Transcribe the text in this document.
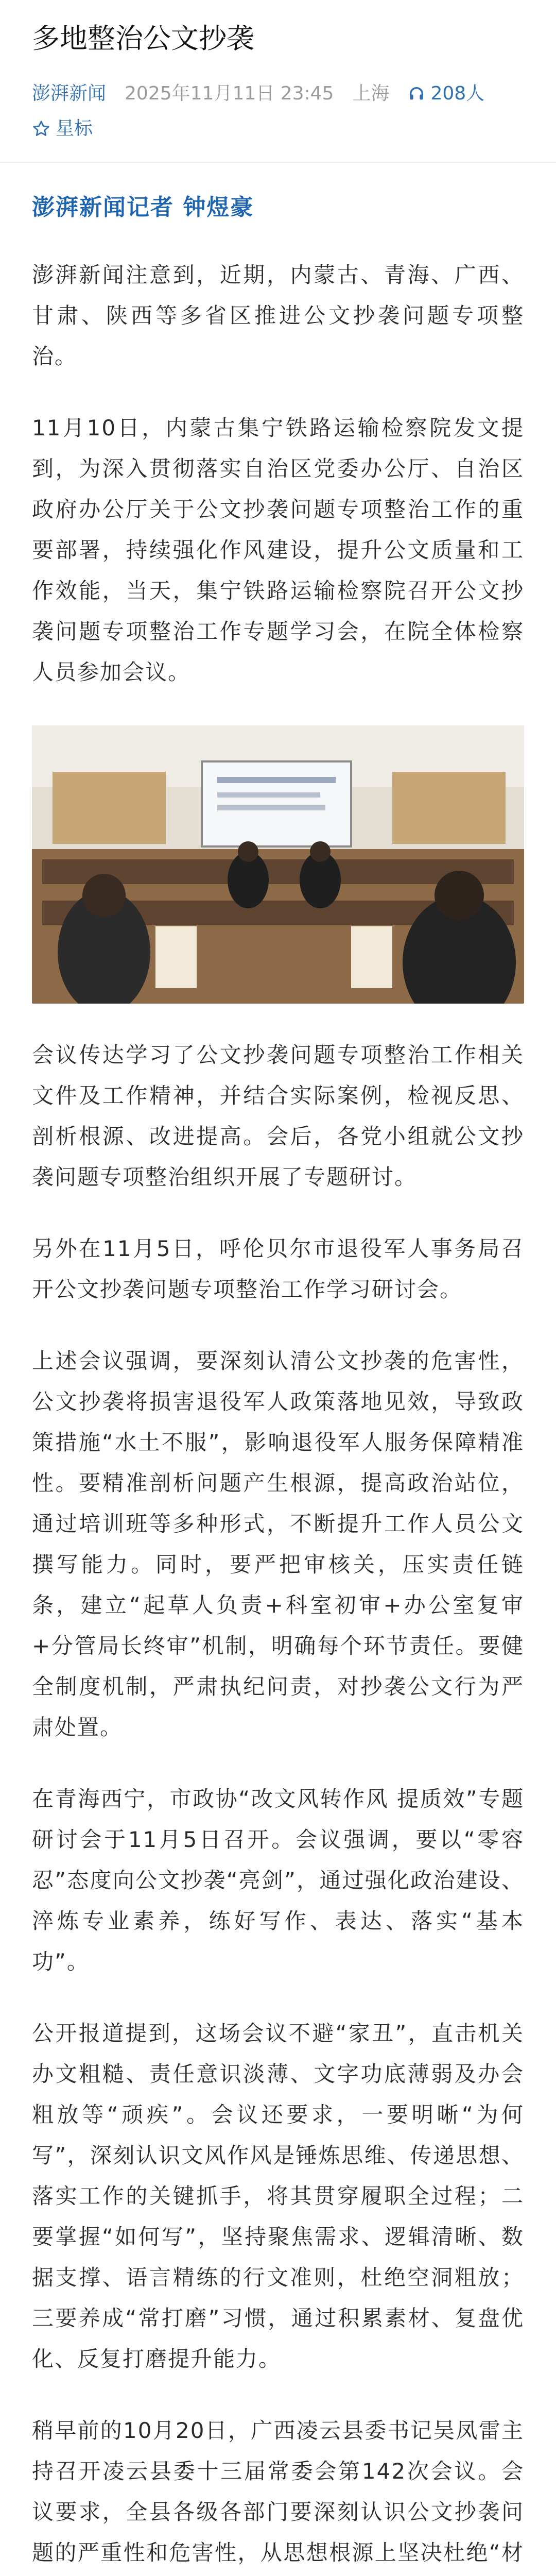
多地整治公文抄袭
澎湃新闻 2025年11月11日 23:45 上海 208人
星标
澎湃新闻记者 钟煜豪

澎湃新闻注意到，近期，内蒙古、青海、广西、甘肃、陕西等多省区推进公文抄袭问题专项整治。

11月10日，内蒙古集宁铁路运输检察院发文提到，为深入贯彻落实自治区党委办公厅、自治区政府办公厅关于公文抄袭问题专项整治工作的重要部署，持续强化作风建设，提升公文质量和工作效能，当天，集宁铁路运输检察院召开公文抄袭问题专项整治工作专题学习会，在院全体检察人员参加会议。

会议传达学习了公文抄袭问题专项整治工作相关文件及工作精神，并结合实际案例，检视反思、剖析根源、改进提高。会后，各党小组就公文抄袭问题专项整治组织开展了专题研讨。

另外在11月5日，呼伦贝尔市退役军人事务局召开公文抄袭问题专项整治工作学习研讨会。

上述会议强调，要深刻认清公文抄袭的危害性，公文抄袭将损害退役军人政策落地见效，导致政策措施“水土不服”，影响退役军人服务保障精准性。要精准剖析问题产生根源，提高政治站位，通过培训班等多种形式，不断提升工作人员公文撰写能力。同时，要严把审核关，压实责任链条，建立“起草人负责+科室初审+办公室复审+分管局长终审”机制，明确每个环节责任。要健全制度机制，严肃执纪问责，对抄袭公文行为严肃处置。

在青海西宁，市政协“改文风转作风 提质效”专题研讨会于11月5日召开。会议强调，要以“零容忍”态度向公文抄袭“亮剑”，通过强化政治建设、淬炼专业素养，练好写作、表达、落实“基本功”。

公开报道提到，这场会议不避“家丑”，直击机关办文粗糙、责任意识淡薄、文字功底薄弱及办会粗放等“顽疾”。会议还要求，一要明晰“为何写”，深刻认识文风作风是锤炼思维、传递思想、落实工作的关键抓手，将其贯穿履职全过程；二要掌握“如何写”，坚持聚焦需求、逻辑清晰、数据支撑、语言精练的行文准则，杜绝空洞粗放；三要养成“常打磨”习惯，通过积累素材、复盘优化、反复打磨提升能力。

稍早前的10月20日，广西凌云县委书记吴凤雷主持召开凌云县委十三届常委会第142次会议。会议要求，全县各级各部门要深刻认识公文抄袭问题的严重性和危害性，从思想根源上坚决杜绝“材
